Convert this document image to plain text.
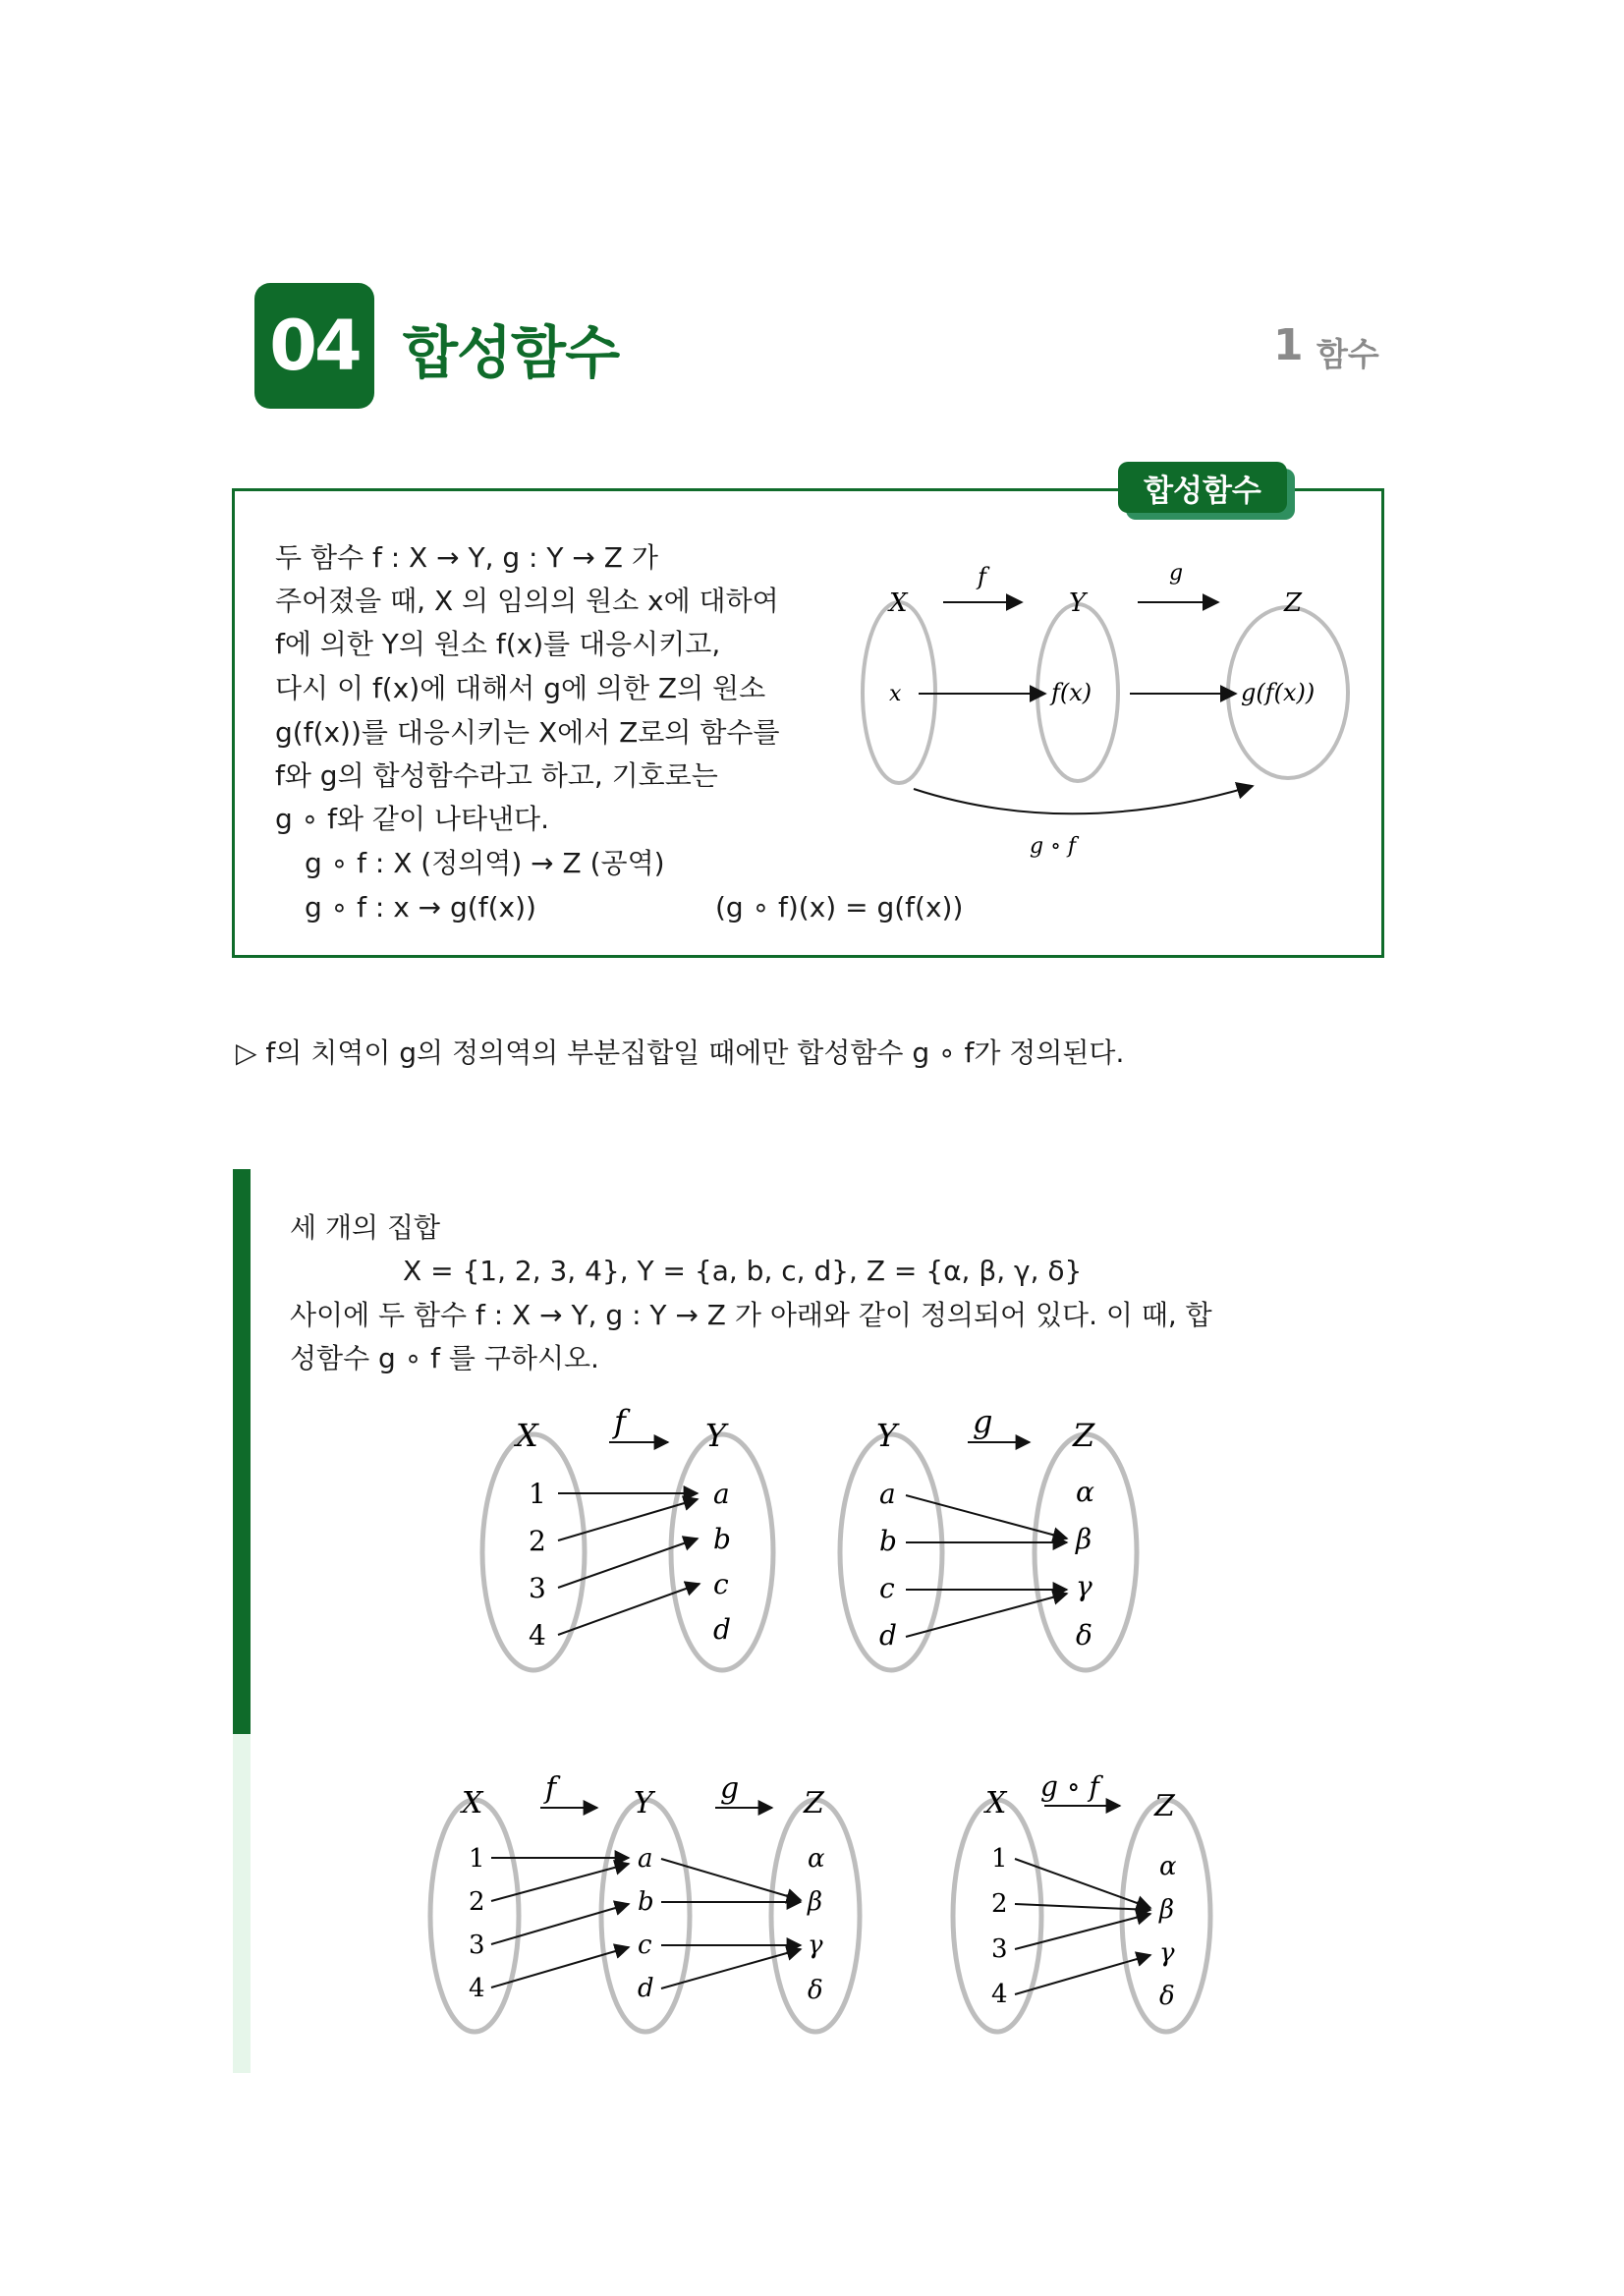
04 합성함수	1 함수
합성함수
두 함수 f : X → Y, g : Y → Z 가
주어졌을 때, X 의 임의의 원소 x에 대하여
f에 의한 Y의 원소 f(x)를 대응시키고,
다시 이 f(x)에 대해서 g에 의한 Z의 원소
g(f(x))를 대응시키는 X에서 Z로의 함수를
f와 g의 합성함수라고 하고, 기호로는
g ∘ f와 같이 나타낸다.
g ∘ f : X (정의역) → Z (공역)
g ∘ f : x → g(f(x))	(g ∘ f)(x) = g(f(x))
X	Y	Z
f	g
x	f(x)	g(f(x))
g ∘ f
▷ f의 치역이 g의 정의역의 부분집합일 때에만 합성함수 g ∘ f가 정의된다.
세 개의 집합
X = {1, 2, 3, 4}, Y = {a, b, c, d}, Z = {α, β, γ, δ}
사이에 두 함수 f : X → Y, g : Y → Z 가 아래와 같이 정의되어 있다. 이 때, 합
성함수 g ∘ f 를 구하시오.
X	Y
f
1
2
3
4
a
b
c
d
Y	Z
g
a
b
c
d
α
β
γ
δ
X	Y	Z
f	g
1
2
3
4
a
b
c
d
α
β
γ
δ
X	Z
g ∘ f
1
2
3
4
α
β
γ
δ
